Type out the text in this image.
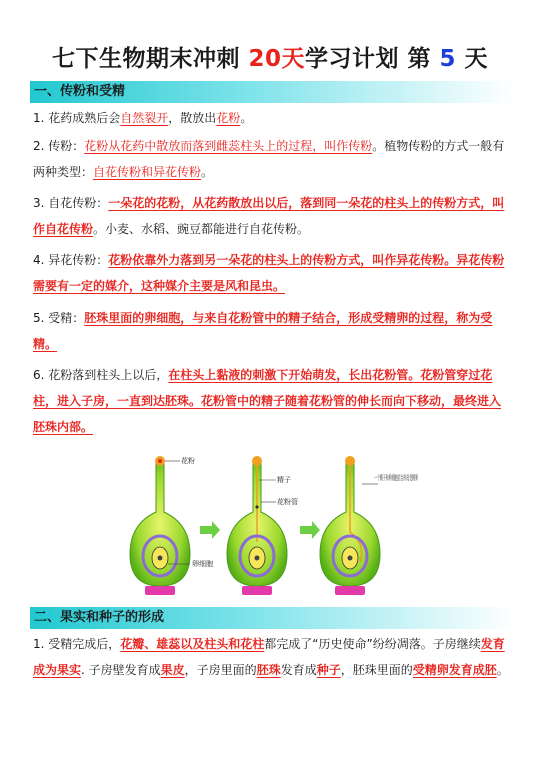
七下生物期末冲刺 20天学习计划 第 5 天
一、传粉和受精
1. 花药成熟后会自然裂开，散放出花粉。
2. 传粉：花粉从花药中散放而落到雌蕊柱头上的过程，叫作传粉。植物传粉的方式一般有两种类型：自花传粉和异花传粉。
3. 自花传粉：一朵花的花粉，从花药散放出以后，落到同一朵花的柱头上的传粉方式，叫作自花传粉。小麦、水稻、豌豆都能进行自花传粉。
4. 异花传粉：花粉依靠外力落到另一朵花的柱头上的传粉方式，叫作异花传粉。异花传粉需要有一定的媒介，这种媒介主要是风和昆虫。
5. 受精：胚珠里面的卵细胞，与来自花粉管中的精子结合，形成受精卵的过程，称为受精。
6. 花粉落到柱头上以后，在柱头上黏液的刺激下开始萌发，长出花粉管。花粉管穿过花柱，进入子房，一直到达胚珠。花粉管中的精子随着花粉管的伸长而向下移动，最终进入胚珠内部。
花粉
卵细胞
精子
花粉管
一个精子和卵细胞结合形成受精卵
二、果实和种子的形成
1. 受精完成后，花瓣、雄蕊以及柱头和花柱都完成了“历史使命”纷纷凋落。子房继续发育成为果实. 子房壁发育成果皮，子房里面的胚珠发育成种子，胚珠里面的受精卵发育成胚。
